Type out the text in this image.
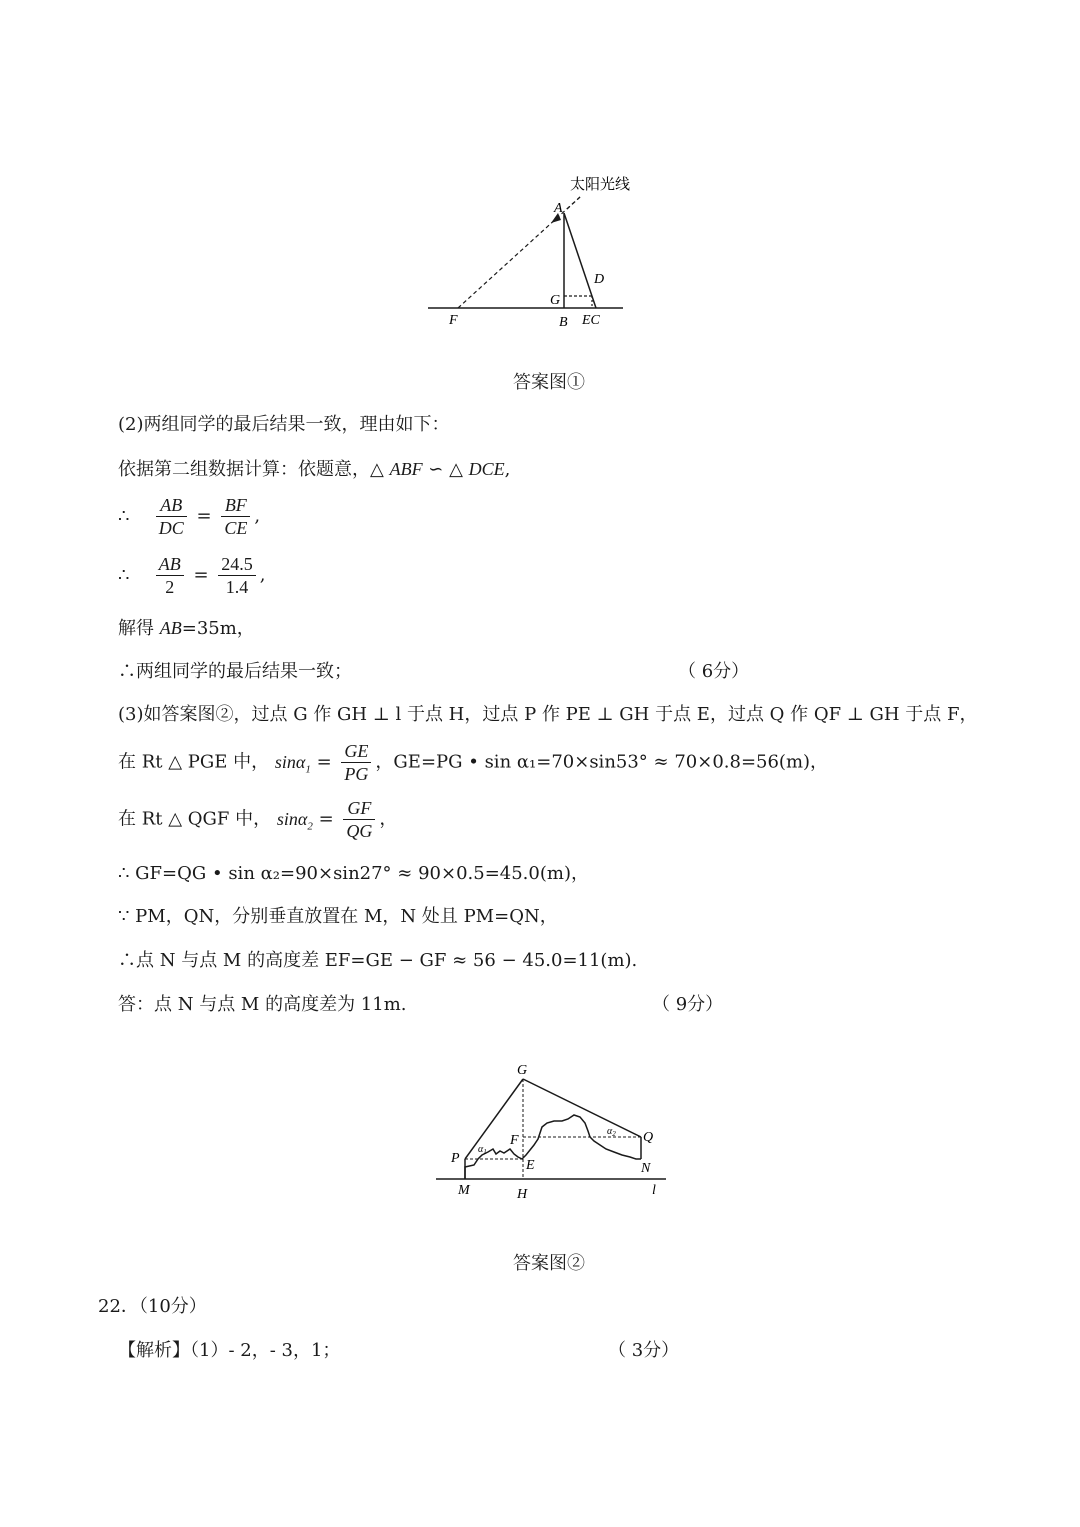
太阳光线
A
D
G
F	B EC
答案图①
(2)两组同学的最后结果一致，理由如下：
依据第二组数据计算：依题意，△ ABF ∽ △ DCE,
∴ $\frac{AB}{DC} = \frac{BF}{CE}$ ,
∴ $\frac{AB}{2} = \frac{24.5}{1.4}$ ,
解得 AB=35m，
∴两组同学的最后结果一致；	（ 6分）
(3)如答案图②，过点 G 作 GH ⊥ l 于点 H，过点 P 作 PE ⊥ GH 于点 E，过点 Q 作 QF ⊥ GH 于点 F，
在 Rt △ PGE 中， $\sin\alpha_1 = \frac{GE}{PG}$ ，GE=PG • sin α₁=70×sin53° ≈ 70×0.8=56(m)，
在 Rt △ QGF 中， $\sin\alpha_2 = \frac{GF}{QG}$ ，
∴ GF=QG • sin α₂=90×sin27° ≈ 90×0.5=45.0(m)，
∵ PM，QN，分别垂直放置在 M，N 处且 PM=QN，
∴点 N 与点 M 的高度差 EF=GE − GF ≈ 56 − 45.0=11(m).
答：点 N 与点 M 的高度差为 11m.	（ 9分）
G
F	Q
P	E	N
M	H	l
$\alpha_1$
$\alpha_2$
答案图②
22．（10分）
【解析】（1）- 2，- 3，1；	（ 3分）
